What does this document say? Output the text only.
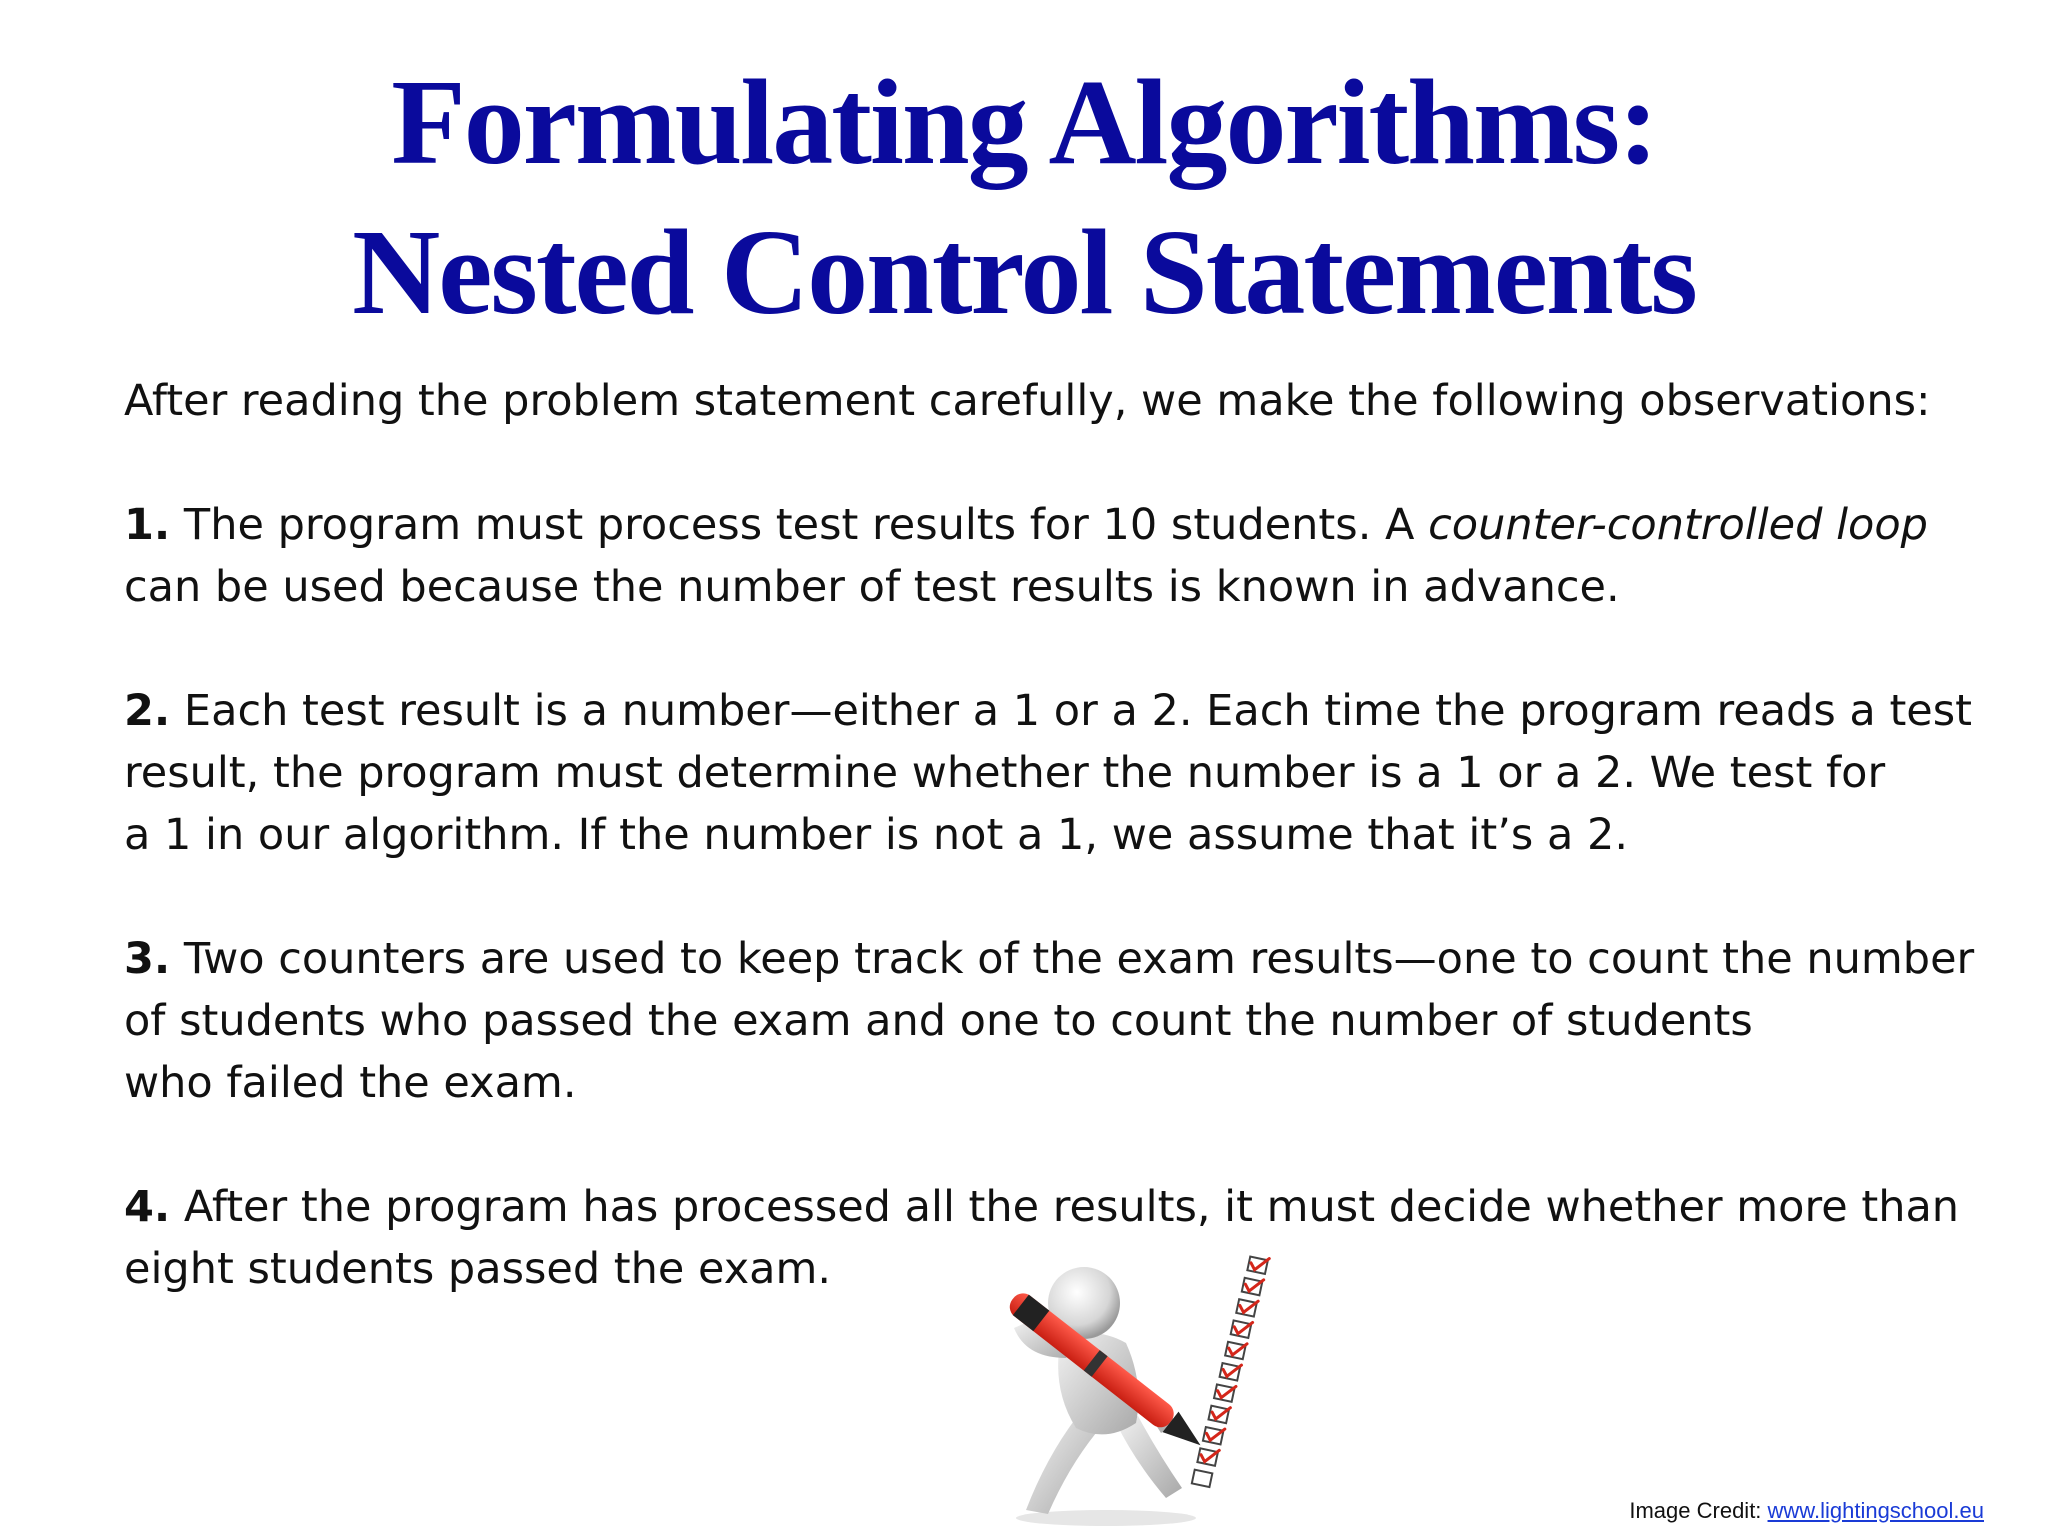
Formulating Algorithms:
Nested Control Statements

After reading the problem statement carefully, we make the following observations:

1. The program must process test results for 10 students. A counter-controlled loop
can be used because the number of test results is known in advance.

2. Each test result is a number—either a 1 or a 2. Each time the program reads a test
result, the program must determine whether the number is a 1 or a 2. We test for
a 1 in our algorithm. If the number is not a 1, we assume that it’s a 2.

3. Two counters are used to keep track of the exam results—one to count the number
of students who passed the exam and one to count the number of students
who failed the exam.

4. After the program has processed all the results, it must decide whether more than
eight students passed the exam.

Image Credit: www.lightingschool.eu
